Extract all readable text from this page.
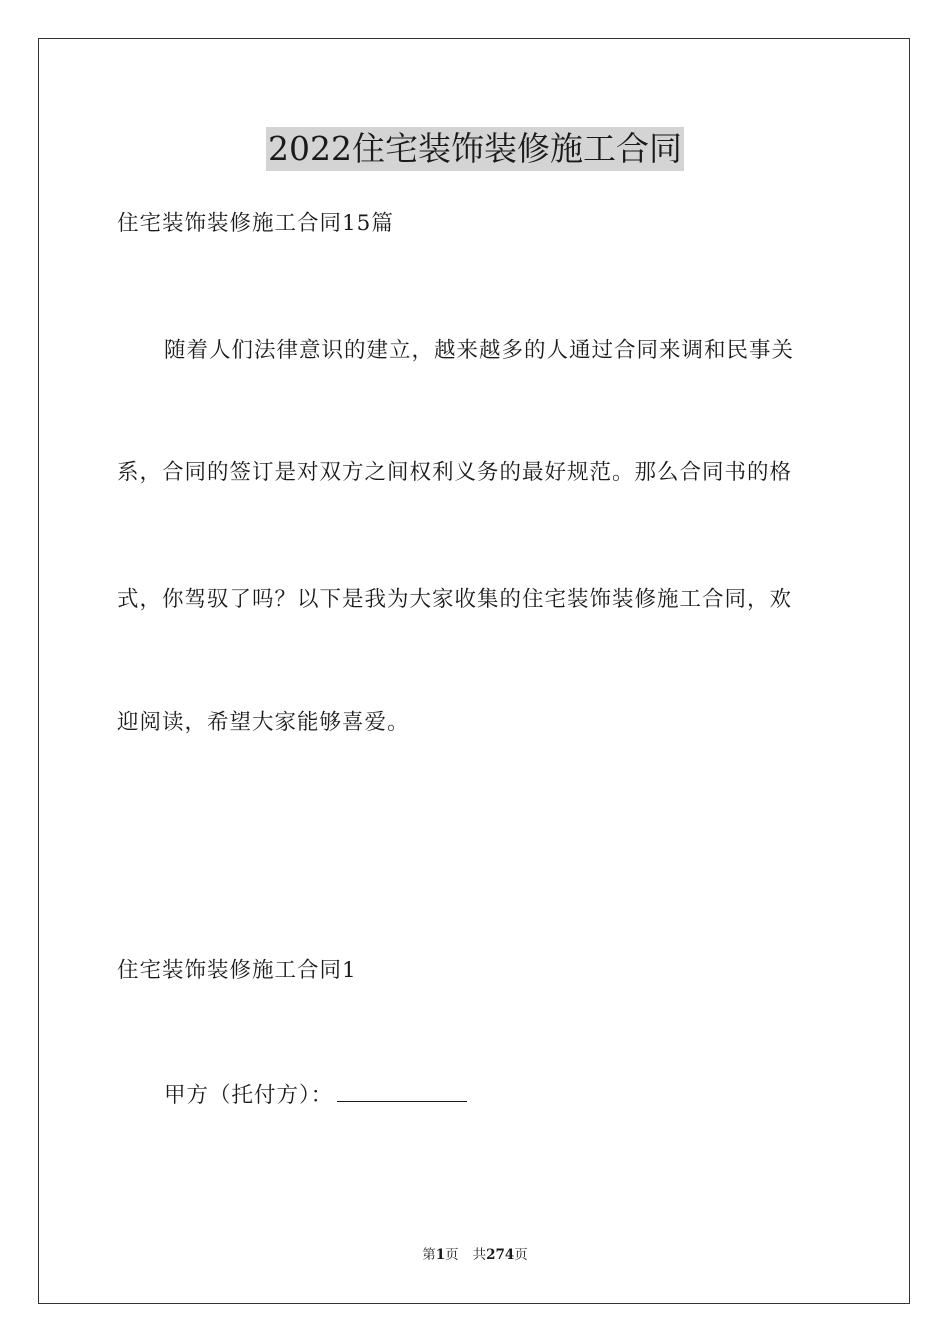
2022住宅装饰装修施工合同
住宅装饰装修施工合同15篇
随着人们法律意识的建立，越来越多的人通过合同来调和民事关
系，合同的签订是对双方之间权利义务的最好规范。那么合同书的格
式，你驾驭了吗？以下是我为大家收集的住宅装饰装修施工合同，欢
迎阅读，希望大家能够喜爱。
住宅装饰装修施工合同1
甲方（托付方）：
第1页 共274页
